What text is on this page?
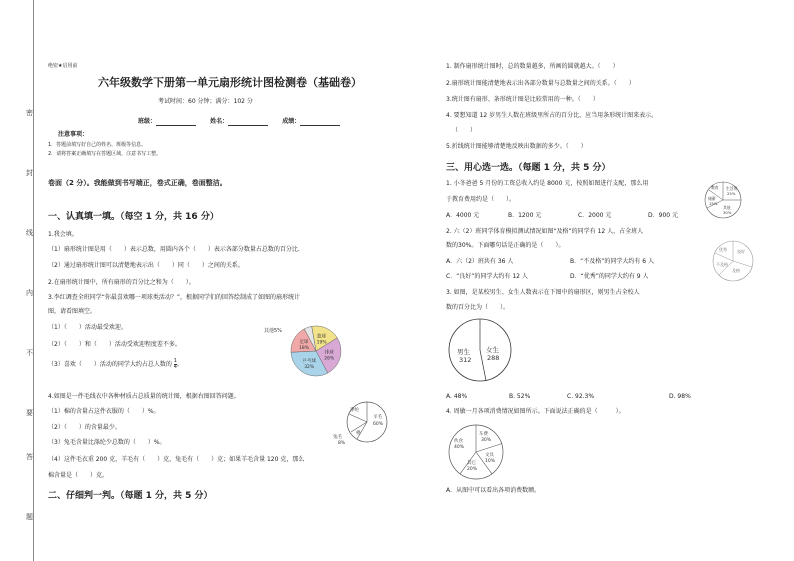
密
封
线
内
不
要
答
题
绝密★启用前
六年级数学下册第一单元扇形统计图检测卷（基础卷）
考试时间：60 分钟；满分：102 分
班级：	姓名：	成绩：
注意事项：
1．答题前填写好自己的姓名、班级等信息。
2．请将答案正确填写在答题区域，注意书写工整。
卷面（2 分）。我能做到书写端正，卷式正确，卷面整洁。
一、认真填一填。（每空 1 分，共 16 分）
1.我会填。
（1）扇形统计图是用（　　）表示总数，用圆内各个（　　）表示各部分数量占总数的百分比.
（2）通过扇形统计图可以清楚地表示出（　　）同（　　）之间的关系。
2.在扇形统计图中，所有扇形的百分比之和为（　　）。
3.李红调查全班同学“你最喜欢哪一项球类活动？”，根据同学们的回答绘制成了如图的扇形统计
图，请看图填空。
（1）（　　）活动最受欢迎。
（2）（　　）和（　　）活动受欢迎程度差不多。
（3）喜欢（　　）活动的同学大约占总人数的 $\frac{1}{4}$ 。
篮球
19%
排球
26%
乒乓球
32%
足球
18%
其他5%
4.如图是一件毛线衣中各种材质占总质量的统计图，根据右图回答问题。
（1）棉的含量占这件衣服的（　　）%。
（2）（　　）的含量最少。
（3）兔毛含量比涤纶少总数的（　　）%。
（4）这件毛衣重 200 克，羊毛有（　　）克，兔毛有（　　）克；如果羊毛含量 120 克，那么
棉含量是（　　）克。
涤纶
羊毛
60%
兔毛
8%
棉
二、仔细判一判。（每题 1 分，共 5 分）
1. 制作扇形统计图时，总的数量越多，所画的圆就越大。（　　）
2.扇形统计图能清楚地表示出各部分数量与总数量之间的关系。（　　）
3.统计图有扇形、条形统计图是比较常用的一种。（　　）
4. 要想知道 12 岁男生人数在班级里所占的百分比，应当用条形统计图来表示。
（　　）
5.折线统计图能够清楚地反映出数据的多少。（　　）
三、用心选一选。（每题 1 分，共 5 分）
1. 小冬爸爸 5 月份的工资总收入约是 8000 元，按照如图进行支配，那么用
于教育费用约是（　　）。
A．4000 元	B．1200 元	C．2000 元	D．900 元
教育 生活费
25%
储蓄
15%
其他
30%
2. 六（2）班同学体育模拟测试情况如图“及格”的同学有 12 人，占全班人
数的30%。下面哪句话是正确的是（　　）。
A．六（2）班共有 36 人	B．“不及格”的同学大约有 6 人
C．“良好”的同学大约有 12 人	D．“优秀”的同学大约有 9 人
优秀	良好
及格
不及格
3. 如图，是某校男生、女生人数表示在下图中的扇形区，则男生占全校人
数的百分比为（　　）。
男生
312
女生
288
A. 48%	B. 52%	C. 92.3%	D. 98%
4. 周敏一月各项消费情况如图所示。下面说法正确的是（　　　）。
车费
30%
伙食
40%
文具
10%
其它
20%
A．从图中可以看出各项消费数额。
